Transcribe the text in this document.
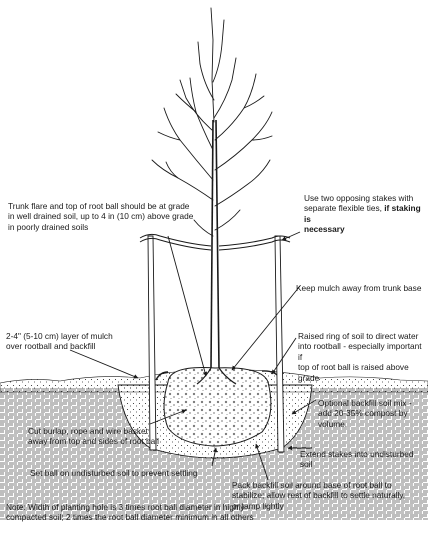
Trunk flare and top of root ball should be at grade
in well drained soil, up to 4 in (10 cm) above grade
in poorly drained soils
Use two opposing stakes with
separate flexible ties, if staking is
necessary
Keep mulch away from trunk base
2-4" (5-10 cm) layer of mulch
over rootball and backfill
Raised ring of soil to direct water
into rootball - especially important if
top of root ball is raised above grade
Optional backfill soil mix -
add 20-35% compost by
volume.
Cut burlap, rope and wire basket
away from top and sides of root ball
Extend stakes into undisturbed soil
Set ball on undisturbed soil to prevent settling
Pack backfill soil around base of root ball to
stabilize; allow rest of backfill to settle naturally,
or tamp lightly
Note: Width of planting hole is 3 times root ball diameter in highly
compacted soil; 2 times the root ball diameter minimum in all others
